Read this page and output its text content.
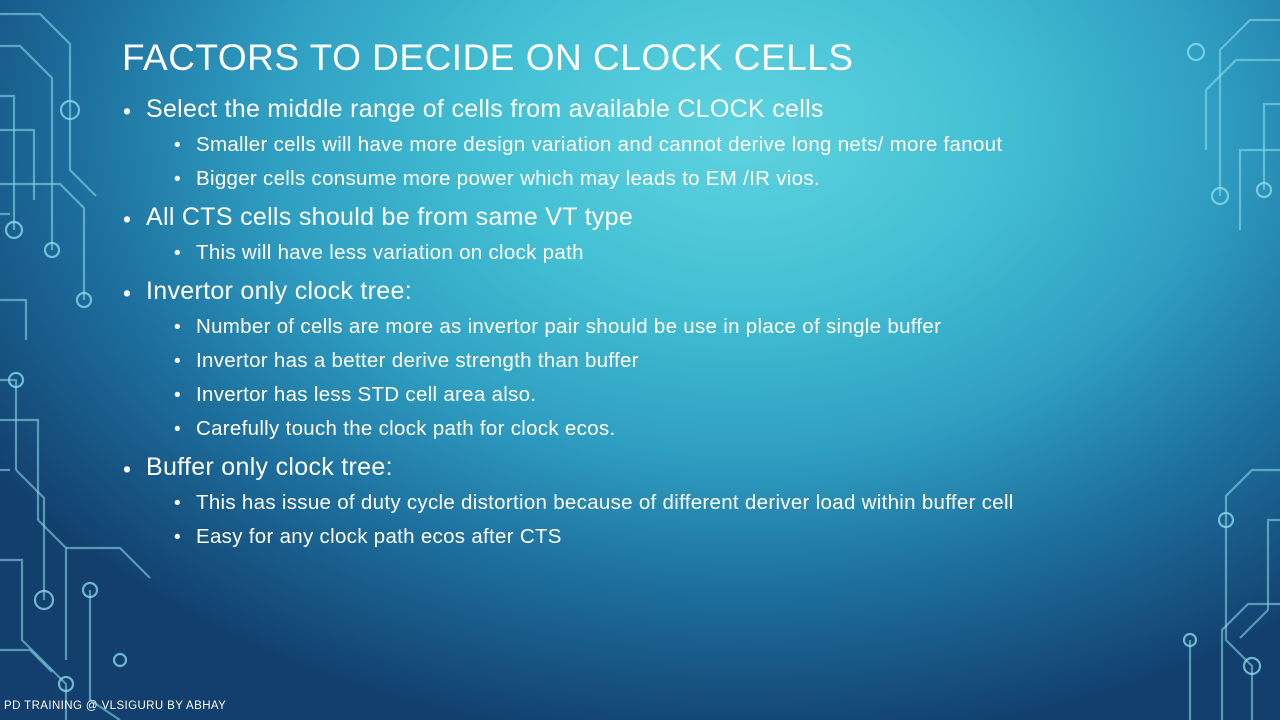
FACTORS TO DECIDE ON CLOCK CELLS
• Select the middle range of cells from available CLOCK cells
• Smaller cells will have more design variation and cannot derive long nets/ more fanout
• Bigger cells consume more power which may leads to EM /IR vios.
• All CTS cells should be from same VT type
• This will have less variation on clock path
• Invertor only clock tree:
• Number of cells are more as invertor pair should be use in place of single buffer
• Invertor has a better derive strength than buffer
• Invertor has less STD cell area also.
• Carefully touch the clock path for clock ecos.
• Buffer only clock tree:
• This has issue of duty cycle distortion because of different deriver load within buffer cell
• Easy for any clock path ecos after CTS
PD TRAINING @ VLSIGURU BY ABHAY
